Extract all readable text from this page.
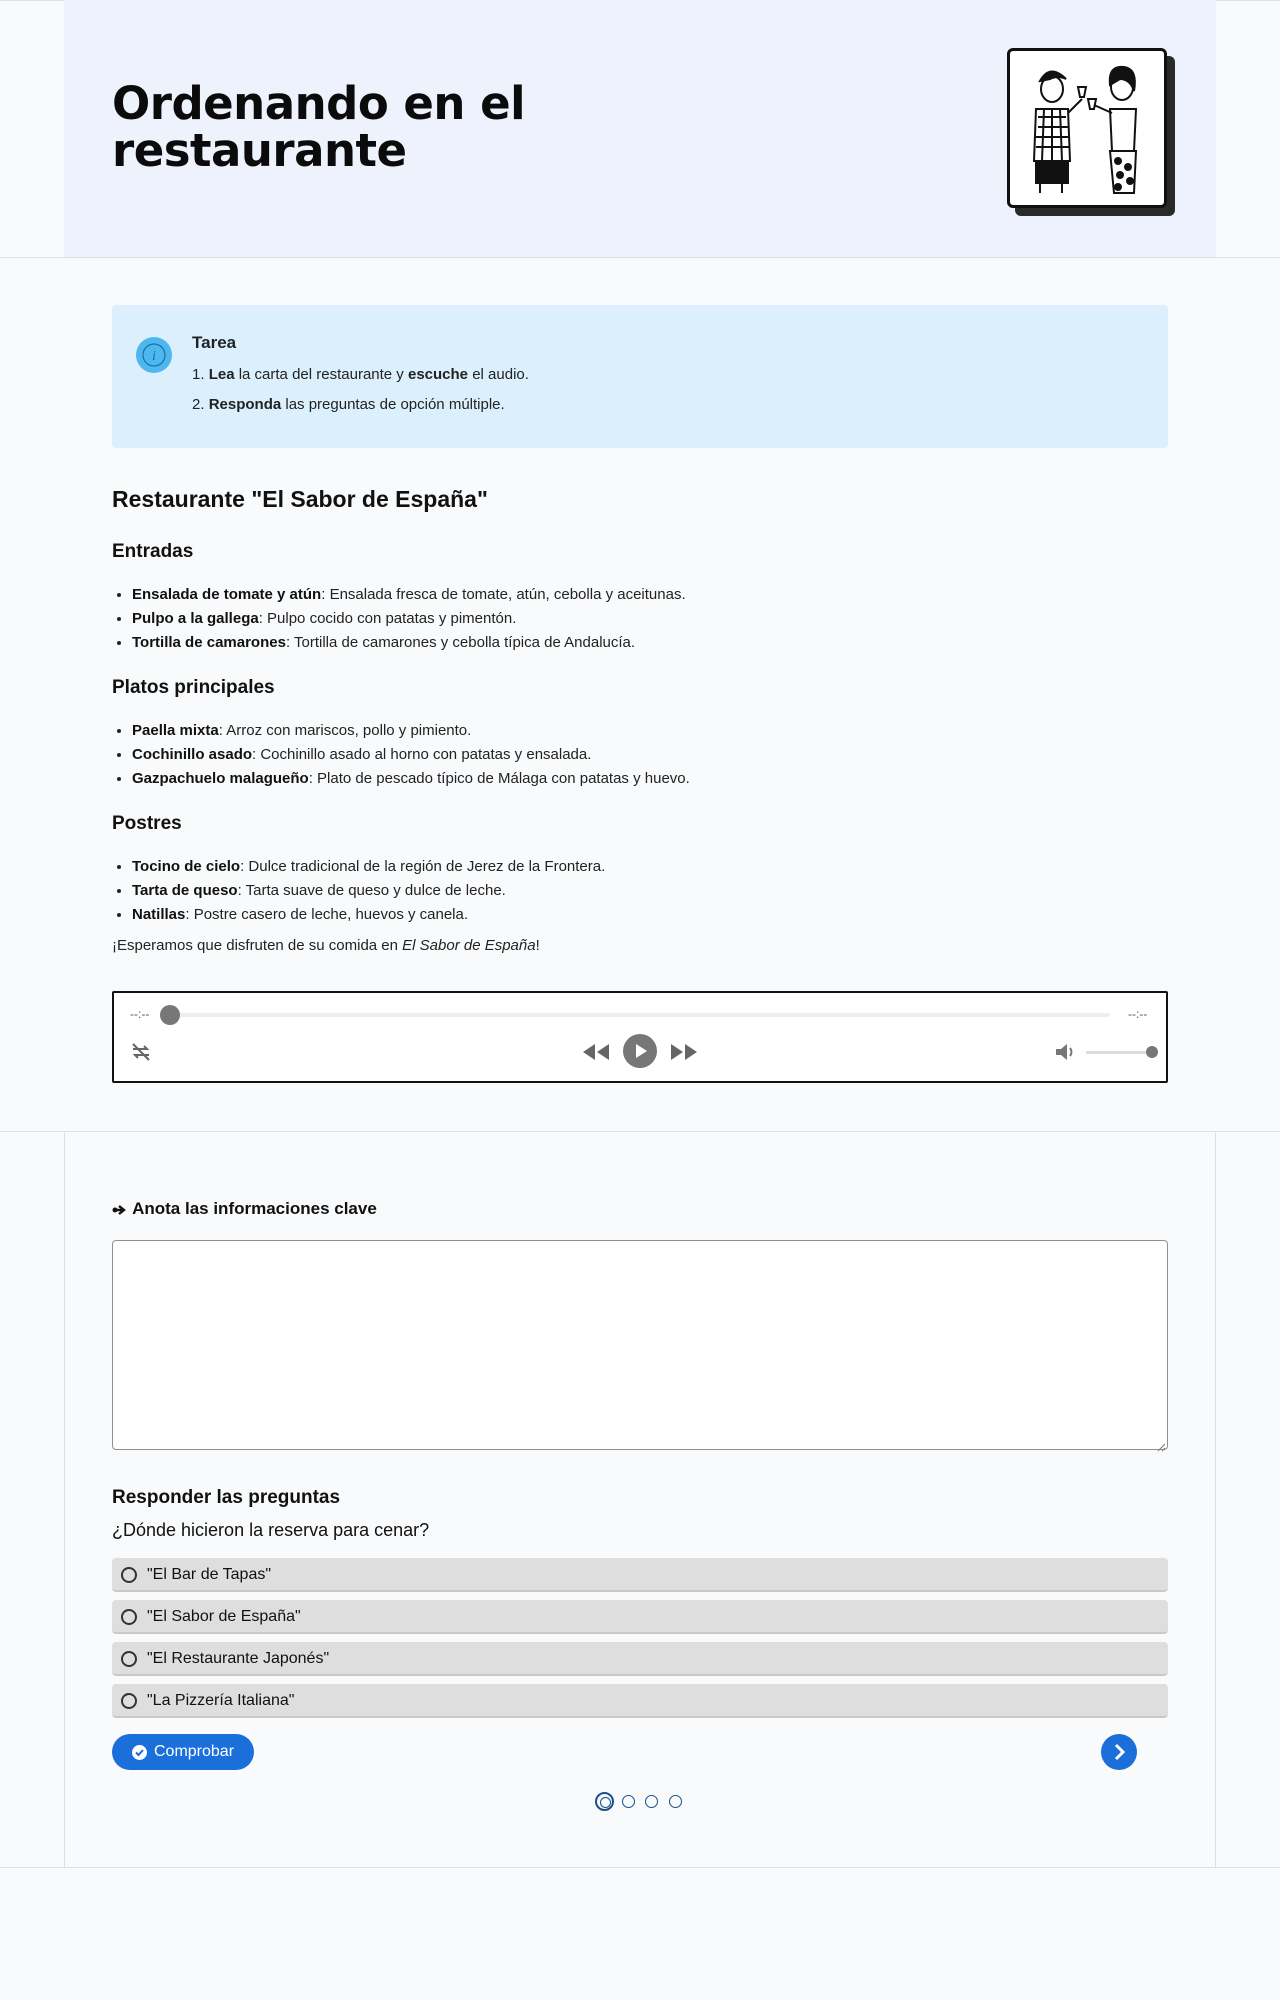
Ordenando en el restaurante
i
Tarea
1. Lea la carta del restaurante y escuche el audio.
2. Responda las preguntas de opción múltiple.
Restaurante "El Sabor de España"
Entradas
• Ensalada de tomate y atún: Ensalada fresca de tomate, atún, cebolla y aceitunas.
• Pulpo a la gallega: Pulpo cocido con patatas y pimentón.
• Tortilla de camarones: Tortilla de camarones y cebolla típica de Andalucía.
Platos principales
• Paella mixta: Arroz con mariscos, pollo y pimiento.
• Cochinillo asado: Cochinillo asado al horno con patatas y ensalada.
• Gazpachuelo malagueño: Plato de pescado típico de Málaga con patatas y huevo.
Postres
• Tocino de cielo: Dulce tradicional de la región de Jerez de la Frontera.
• Tarta de queso: Tarta suave de queso y dulce de leche.
• Natillas: Postre casero de leche, huevos y canela.

¡Esperamos que disfruten de su comida en El Sabor de España!

--:--	--:--
Anota las informaciones clave
Responder las preguntas
¿Dónde hicieron la reserva para cenar?
"El Bar de Tapas"
"El Sabor de España"
"El Restaurante Japonés"
"La Pizzería Italiana"
Comprobar
